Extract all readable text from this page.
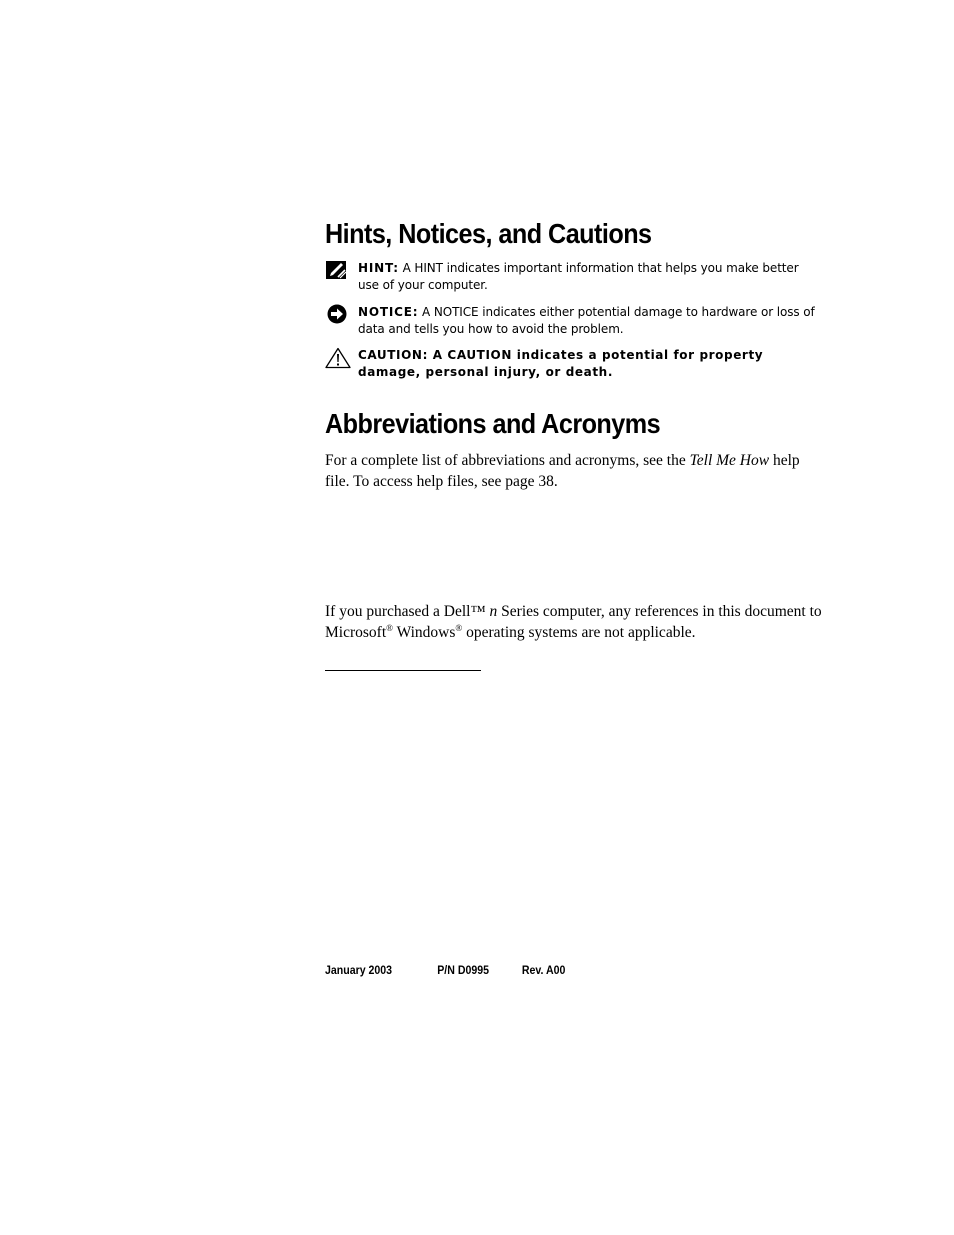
Hints, Notices, and Cautions
HINT: A HINT indicates important information that helps you make better use of your computer.
NOTICE: A NOTICE indicates either potential damage to hardware or loss of data and tells you how to avoid the problem.
CAUTION: A CAUTION indicates a potential for property damage, personal injury, or death.
Abbreviations and Acronyms

For a complete list of abbreviations and acronyms, see the Tell Me How help file. To access help files, see page 38.

If you purchased a Dell™ n Series computer, any references in this document to Microsoft® Windows® operating systems are not applicable.

January 2003	P/N D0995	Rev. A00
